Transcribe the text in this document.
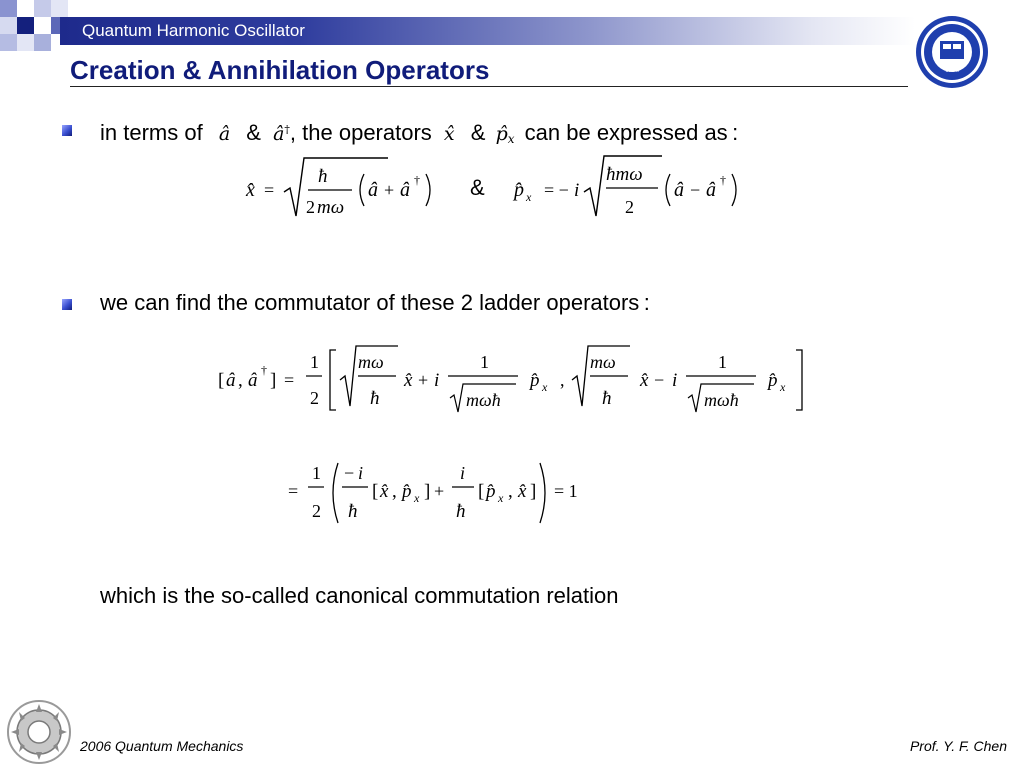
Quantum Harmonic Oscillator
1896
Creation & Annihilation Operators
in terms of â & â†, the operators x̂ & $p̂_x$ can be expressed as :
x̂ =
ħ
2 mω
â + â † & p̂ x = − i
ħmω
2
â − â †
we can find the commutator of these 2 ladder operators :
[ â , â † ] =
1
2
mω
ħ
x̂ + i
1
mωħ
p̂ x ,
mω
ħ
x̂ − i
1
mωħ
p̂ x
=
1
2
− i
ħ
[ x̂ , p̂ x ] +
i
ħ
[ p̂ x , x̂ ] = 1
which is the so-called canonical commutation relation
2006 Quantum Mechanics	Prof. Y. F. Chen
